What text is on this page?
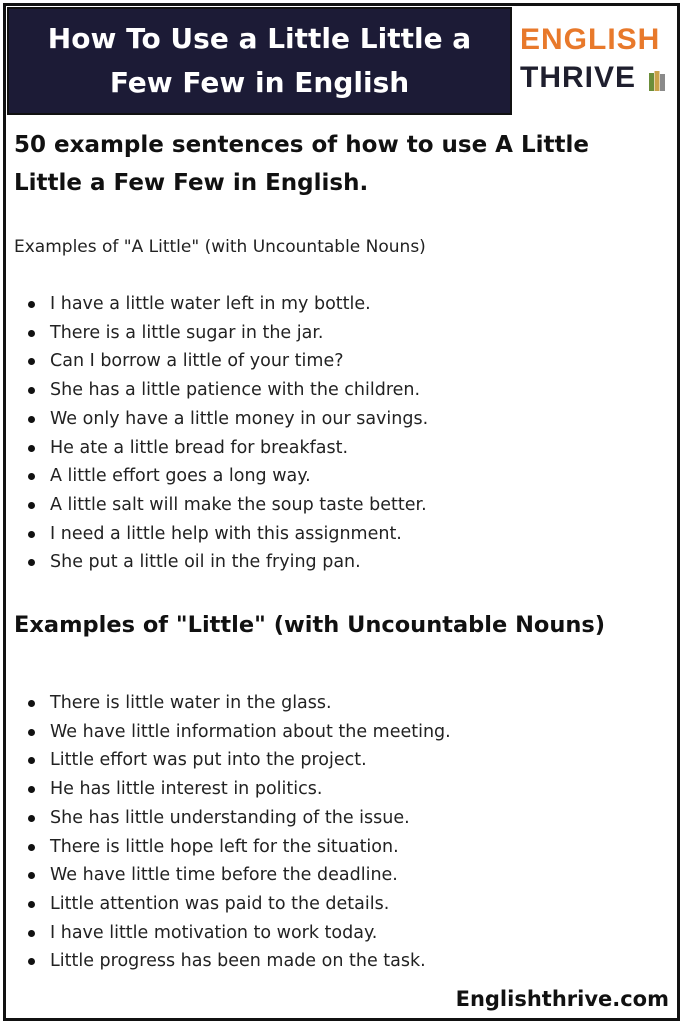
How To Use a Little Little a Few Few in English
ENGLISH
THRIVE
50 example sentences of how to use A Little Little a Few Few in English.
Examples of "A Little" (with Uncountable Nouns)
I have a little water left in my bottle.
There is a little sugar in the jar.
Can I borrow a little of your time?
She has a little patience with the children.
We only have a little money in our savings.
He ate a little bread for breakfast.
A little effort goes a long way.
A little salt will make the soup taste better.
I need a little help with this assignment.
She put a little oil in the frying pan.
Examples of "Little" (with Uncountable Nouns)
There is little water in the glass.
We have little information about the meeting.
Little effort was put into the project.
He has little interest in politics.
She has little understanding of the issue.
There is little hope left for the situation.
We have little time before the deadline.
Little attention was paid to the details.
I have little motivation to work today.
Little progress has been made on the task.
Englishthrive.com
